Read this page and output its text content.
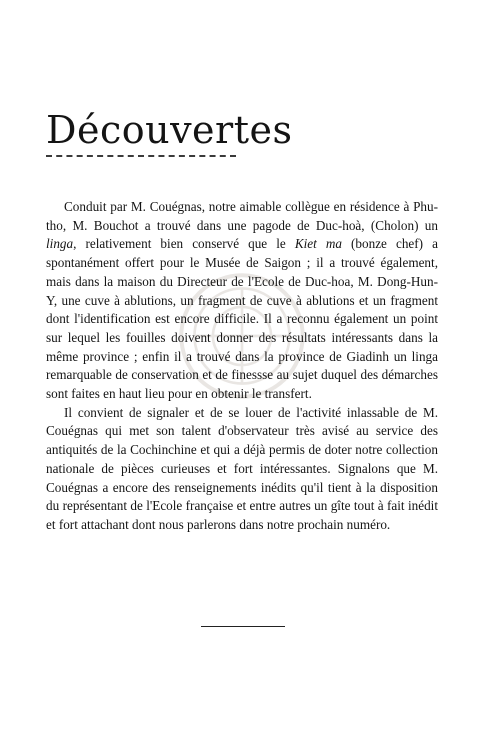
Découvertes

Conduit par M. Couégnas, notre aimable collègue en résidence à Phu-tho, M. Bouchot a trouvé dans une pagode de Duc-hoà, (Cholon) un linga, relativement bien conservé que le Kiet ma (bonze chef) a spontanément offert pour le Musée de Saigon ; il a trouvé également, mais dans la maison du Directeur de l'Ecole de Duc-hoa, M. Dong-Hun-Y, une cuve à ablutions, un fragment de cuve à ablutions et un fragment dont l'identification est encore difficile. Il a reconnu également un point sur lequel les fouilles doivent donner des résultats intéressants dans la même province ; enfin il a trouvé dans la province de Giadinh un linga remarquable de conservation et de finessse au sujet duquel des démarches sont faites en haut lieu pour en obtenir le transfert.

Il convient de signaler et de se louer de l'activité inlassable de M. Couégnas qui met son talent d'observateur très avisé au service des antiquités de la Cochinchine et qui a déjà permis de doter notre collection nationale de pièces curieuses et fort intéressantes. Signalons que M. Couégnas a encore des renseignements inédits qu'il tient à la disposition du représentant de l'Ecole française et entre autres un gîte tout à fait inédit et fort attachant dont nous parlerons dans notre prochain numéro.
